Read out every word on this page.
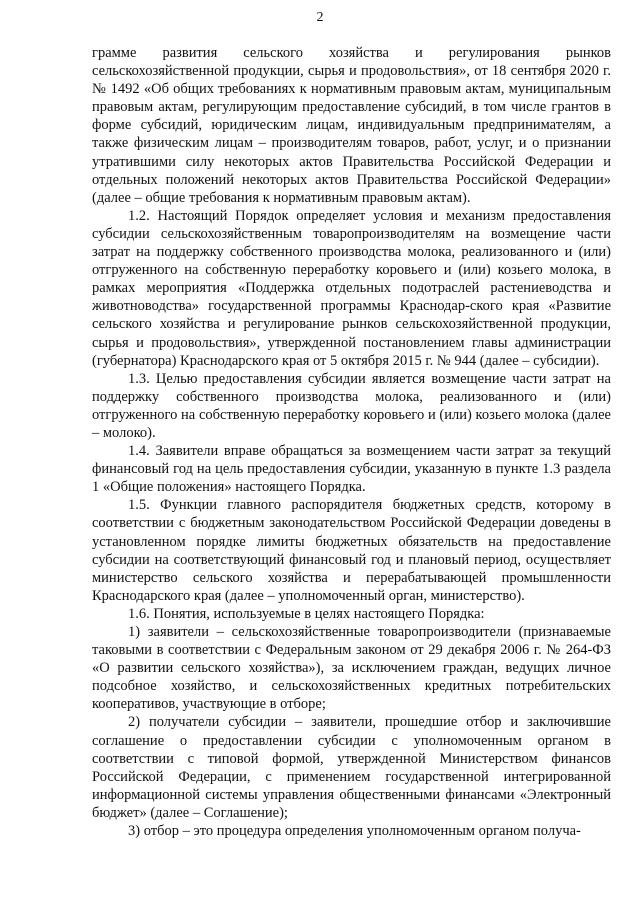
2

грамме развития сельского хозяйства и регулирования рынков сельскохозяйственной продукции, сырья и продовольствия», от 18 сентября 2020 г. № 1492 «Об общих требованиях к нормативным правовым актам, муниципальным правовым актам, регулирующим предоставление субсидий, в том числе грантов в форме субсидий, юридическим лицам, индивидуальным предпринимателям, а также физическим лицам – производителям товаров, работ, услуг, и о признании утратившими силу некоторых актов Правительства Российской Федерации и отдельных положений некоторых актов Правительства Российской Федерации» (далее – общие требования к нормативным правовым актам).

1.2. Настоящий Порядок определяет условия и механизм предоставления субсидии сельскохозяйственным товаропроизводителям на возмещение части затрат на поддержку собственного производства молока, реализованного и (или) отгруженного на собственную переработку коровьего и (или) козьего молока, в рамках мероприятия «Поддержка отдельных подотраслей растениеводства и животноводства» государственной программы Краснодар-ского края «Развитие сельского хозяйства и регулирование рынков сельскохозяйственной продукции, сырья и продовольствия», утвержденной постановлением главы администрации (губернатора) Краснодарского края от 5 октября 2015 г. № 944 (далее – субсидии).

1.3. Целью предоставления субсидии является возмещение части затрат на поддержку собственного производства молока, реализованного и (или) отгруженного на собственную переработку коровьего и (или) козьего молока (далее – молоко).

1.4. Заявители вправе обращаться за возмещением части затрат за текущий финансовый год на цель предоставления субсидии, указанную в пункте 1.3 раздела 1 «Общие положения» настоящего Порядка.

1.5. Функции главного распорядителя бюджетных средств, которому в соответствии с бюджетным законодательством Российской Федерации доведены в установленном порядке лимиты бюджетных обязательств на предоставление субсидии на соответствующий финансовый год и плановый период, осуществляет министерство сельского хозяйства и перерабатывающей промышленности Краснодарского края (далее – уполномоченный орган, министерство).

1.6. Понятия, используемые в целях настоящего Порядка:

1) заявители – сельскохозяйственные товаропроизводители (признаваемые таковыми в соответствии с Федеральным законом от 29 декабря 2006 г. № 264-ФЗ «О развитии сельского хозяйства»), за исключением граждан, ведущих личное подсобное хозяйство, и сельскохозяйственных кредитных потребительских кооперативов, участвующие в отборе;

2) получатели субсидии – заявители, прошедшие отбор и заключившие соглашение о предоставлении субсидии с уполномоченным органом в соответствии с типовой формой, утвержденной Министерством финансов Российской Федерации, с применением государственной интегрированной информационной системы управления общественными финансами «Электронный бюджет» (далее – Соглашение);

3) отбор – это процедура определения уполномоченным органом получа-
